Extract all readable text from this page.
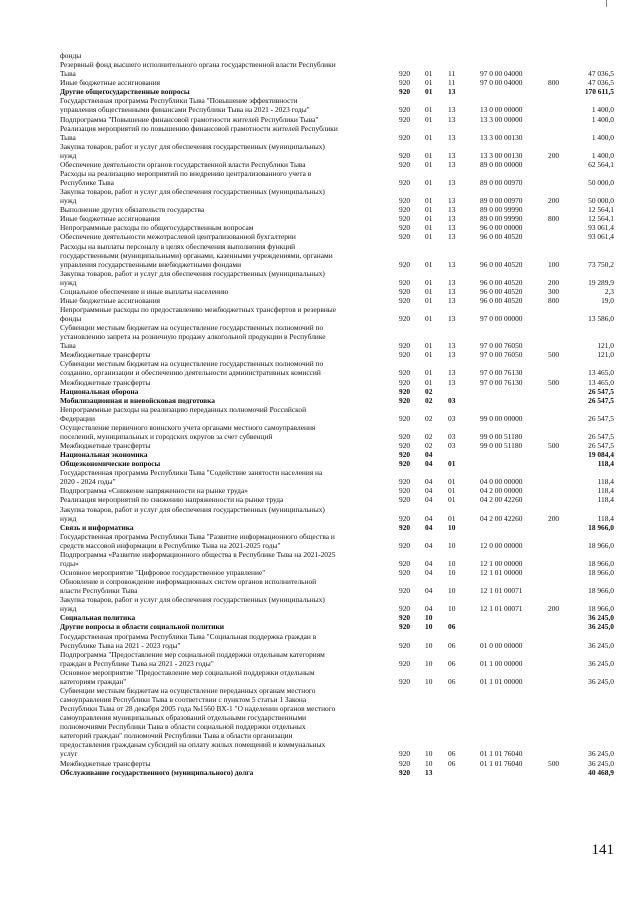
фонды
Резервный фонд высшего исполнительного органа государственной власти Республики
Тыва	920 01 11	97 0 00 04000	47 036,5
Иные бюджетные ассигнования	920 01 11	97 0 00 04000	800	47 036,5
Другие общегосударственные вопросы	920 01 13	170 611,5
Государственная программа Республики Тыва "Повышение эффективности
управления общественными финансами Республики Тыва на 2021 - 2023 годы"	920 01 13	13 0 00 00000	1 400,0
Подпрограмма "Повышение финансовой грамотности жителей Республики Тыва"	920 01 13	13 3 00 00000	1 400,0
Реализация мероприятий по повышению финансовой грамотности жителей Республики
Тыва	920 01 13	13 3 00 00130	1 400,0
Закупка товаров, работ и услуг для обеспечения государственных (муниципальных)
нужд	920 01 13	13 3 00 00130	200	1 400,0
Обеспечение деятельности органов государственной власти Республики Тыва	920 01 13	89 0 00 00000	62 564,1
Расходы на реализацию мероприятий по внедрению централизованного учета в
Республике Тыва	920 01 13	89 0 00 00970	50 000,0
Закупка товаров, работ и услуг для обеспечения государственных (муниципальных)
нужд	920 01 13	89 0 00 00970	200	50 000,0
Выполнение других обязательств государства	920 01 13	89 0 00 99990	12 564,1
Иные бюджетные ассигнования	920 01 13	89 0 00 99990	800	12 564,1
Непрограммные расходы по общегосударственным вопросам	920 01 13	96 0 00 00000	93 061,4
Обеспечение деятельности межотраслевой централизованной бухгалтерии	920 01 13	96 0 00 40520	93 061,4
Расходы на выплаты персоналу в целях обеспечения выполнения функций
государственными (муниципальными) органами, казенными учреждениями, органами
управления государственными внебюджетными фондами	920 01 13	96 0 00 40520	100	73 750,2
Закупка товаров, работ и услуг для обеспечения государственных (муниципальных)
нужд	920 01 13	96 0 00 40520	200	19 289,9
Социальное обеспечение и иные выплаты населению	920 01 13	96 0 00 40520	300	2,3
Иные бюджетные ассигнования	920 01 13	96 0 00 40520	800	19,0
Непрограммные расходы по предоставлению межбюджетных трансфертов и резервные
фонды	920 01 13	97 0 00 00000	13 586,0
Субвенции местным бюджетам на осуществление государственных полномочий по
установлению запрета на розничную продажу алкогольной продукции в Республике
Тыва	920 01 13	97 0 00 76050	121,0
Межбюджетные трансферты	920 01 13	97 0 00 76050	500	121,0
Субвенции местным бюджетам на осуществление государственных полномочий по
созданию, организации и обеспечению деятельности административных комиссий	920 01 13	97 0 00 76130	13 465,0
Межбюджетные трансферты	920 01 13	97 0 00 76130	500	13 465,0
Национальная оборона	920 02	26 547,5
Мобилизационная и вневойсковая подготовка	920 02 03	26 547,5
Непрограммные расходы на реализацию переданных полномочий Российской
Федерации	920 02 03	99 0 00 00000	26 547,5
Осуществление первичного воинского учета органами местного самоуправления
поселений, муниципальных и городских округов за счет субвенций	920 02 03	99 0 00 51180	26 547,5
Межбюджетные трансферты	920 02 03	99 0 00 51180	500	26 547,5
Национальная экономика	920 04	19 084,4
Общеэкономические вопросы	920 04 01	118,4
Государственная программа Республики Тыва "Содействие занятости населения на
2020 - 2024 годы"	920 04 01	04 0 00 00000	118,4
Подпрограмма «Снижение напряженности на рынке труда»	920 04 01	04 2 00 00000	118,4
Реализация мероприятий по снижению напряженности на рынке труда	920 04 01	04 2 00 42260	118,4
Закупка товаров, работ и услуг для обеспечения государственных (муниципальных)
нужд	920 04 01	04 2 00 42260	200	118,4
Связь и информатика	920 04 10	18 966,0
Государственная программа Республики Тыва "Развитие информационного общества и
средств массовой информации в Республике Тыва на 2021-2025 годы"	920 04 10	12 0 00 00000	18 966,0
Подпрограмма «Развитие информационного общества в Республике Тыва на 2021-2025
годы»	920 04 10	12 1 00 00000	18 966,0
Основное мероприятие "Цифровое государственное управление"	920 04 10	12 1 01 00000	18 966,0
Обновление и сопровождение информационных систем органов исполнительной
власти Республики Тыва	920 04 10	12 1 01 00071	18 966,0
Закупка товаров, работ и услуг для обеспечения государственных (муниципальных)
нужд	920 04 10	12 1 01 00071	200	18 966,0
Социальная политика	920 10	36 245,0
Другие вопросы в области социальной политики	920 10 06	36 245,0
Государственная программа Республики Тыва "Социальная поддержка граждан в
Республике Тыва на 2021 - 2023 годы"	920 10 06	01 0 00 00000	36 245,0
Подпрограмма "Предоставление мер социальной поддержки отдельным категориям
граждан в Республике Тыва на 2021 - 2023 годы"	920 10 06	01 1 00 00000	36 245,0
Основное мероприятие "Предоставление мер социальной поддержки отдельным
категориям граждан"	920 10 06	01 1 01 00000	36 245,0
Субвенции местным бюджетам на осуществление переданных органам местного
самоуправления Республики Тыва в соответствии с пунктом 5 статьи 1 Закона
Республики Тыва от 28 декабря 2005 года №1560 ВХ-1 "О наделении органов местного
самоуправления муниципальных образований отдельными государственными
полномочиями Республики Тыва в области социальной поддержки отдельных
категорий граждан" полномочий Республики Тыва в области организации
предоставления гражданам субсидий на оплату жилых помещений и коммунальных
услуг	920 10 06	01 1 01 76040	36 245,0
Межбюджетные трансферты	920 10 06	01 1 01 76040	500	36 245,0
Обслуживание государственного (муниципального) долга	920 13	40 468,9
141
